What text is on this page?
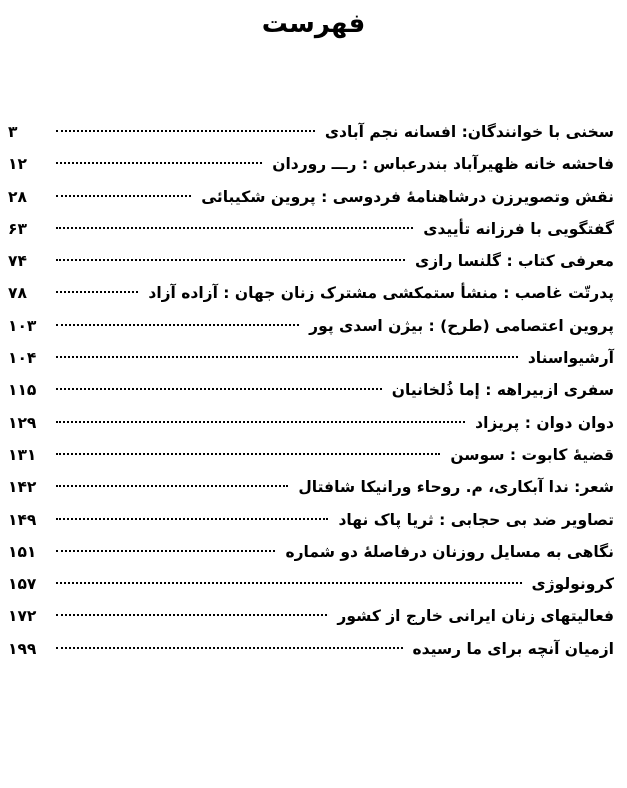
فهرست
سخنی با خوانندگان: افسانه نجم آبادی
۳
فاحشه خانه ظهیرآباد بندرعباس : رـــ روردان
۱۲
نقش وتصویرزن درشاهنامهٔ فردوسی : پروین شکیبائی
۲۸
گفتگویی با فرزانه تأییدی
۶۳
معرفی کتاب : گلنسا رازی
۷۴
پدرتّت غاصب : منشأ ستمکشی مشترک زنان جهان : آزاده آزاد
۷۸
پروین اعتصامی (طرح) : بیژن اسدی پور
۱۰۳
آرشیواسناد
۱۰۴
سفری ازبیراهه : إما ذُلخانیان
۱۱۵
دوان دوان : پریزاد
۱۲۹
قضیهٔ کابوت : سوسن
۱۳۱
شعر: ندا آبکاری، م. روحاء ورانیکا شافتال
۱۴۲
تصاویر ضد بی حجابی : ثریا پاک نهاد
۱۴۹
نگاهی به مسایل روزنان درفاصلهٔ دو شماره
۱۵۱
کرونولوژی
۱۵۷
فعالیتهای زنان ایرانی خارج از کشور
۱۷۲
ازمیان آنچه برای ما رسیده
۱۹۹
